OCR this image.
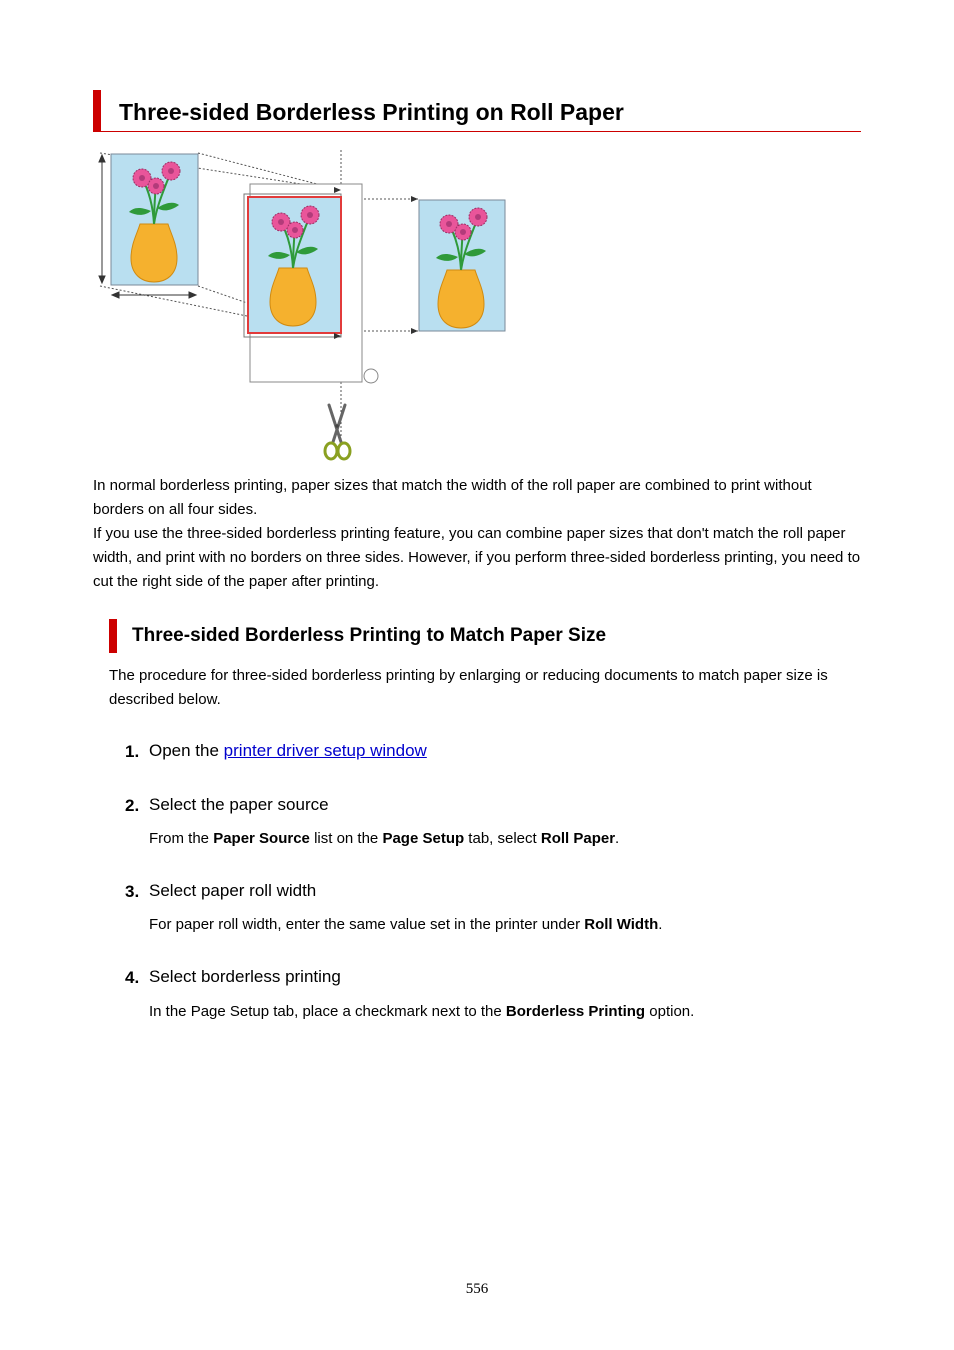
Three-sided Borderless Printing on Roll Paper
In normal borderless printing, paper sizes that match the width of the roll paper are combined to print without borders on all four sides.
If you use the three-sided borderless printing feature, you can combine paper sizes that don't match the roll paper width, and print with no borders on three sides. However, if you perform three-sided borderless printing, you need to cut the right side of the paper after printing.
Three-sided Borderless Printing to Match Paper Size
The procedure for three-sided borderless printing by enlarging or reducing documents to match paper size is described below.
1. Open the printer driver setup window
2. Select the paper source
From the Paper Source list on the Page Setup tab, select Roll Paper.
3. Select paper roll width
For paper roll width, enter the same value set in the printer under Roll Width.
4. Select borderless printing
In the Page Setup tab, place a checkmark next to the Borderless Printing option.
556
